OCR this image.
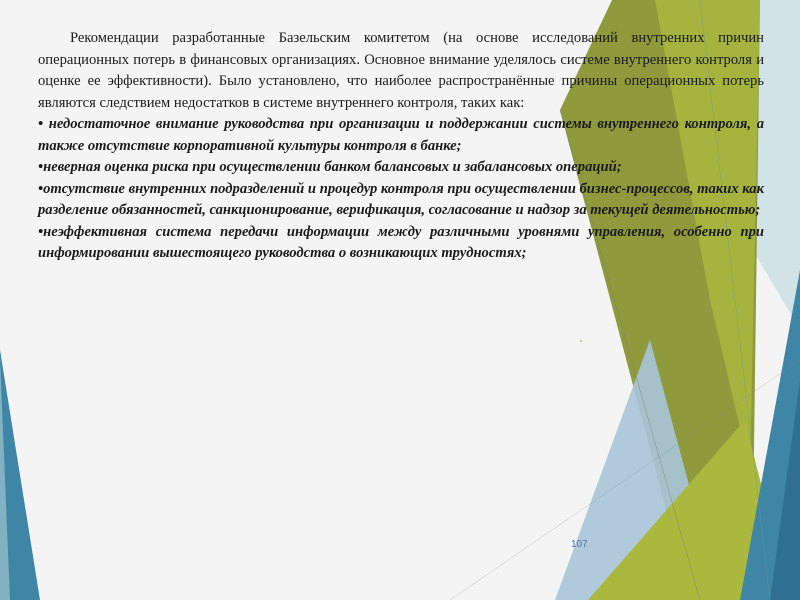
Рекомендации разработанные Базельским комитетом (на основе исследований внутренних причин операционных потерь в финансовых организациях. Основное внимание уделялось системе внутреннего контроля и оценке ее эффективности). Было установлено, что наиболее распространённые причины операционных потерь являются следствием недостатков в системе внутреннего контроля, таких как:

• недостаточное внимание руководства при организации и поддержании системы внутреннего контроля, а также отсутствие корпоративной культуры контроля в банке;

•неверная оценка риска при осуществлении банком балансовых и забалансовых операций;

•отсутствие внутренних подразделений и процедур контроля при осуществлении бизнес-процессов, таких как разделение обязанностей, санкционирование, верификация, согласование и надзор за текущей деятельностью;

•неэффективная система передачи информации между различными уровнями управления, особенно при информировании вышестоящего руководства о возникающих трудностях;

107
